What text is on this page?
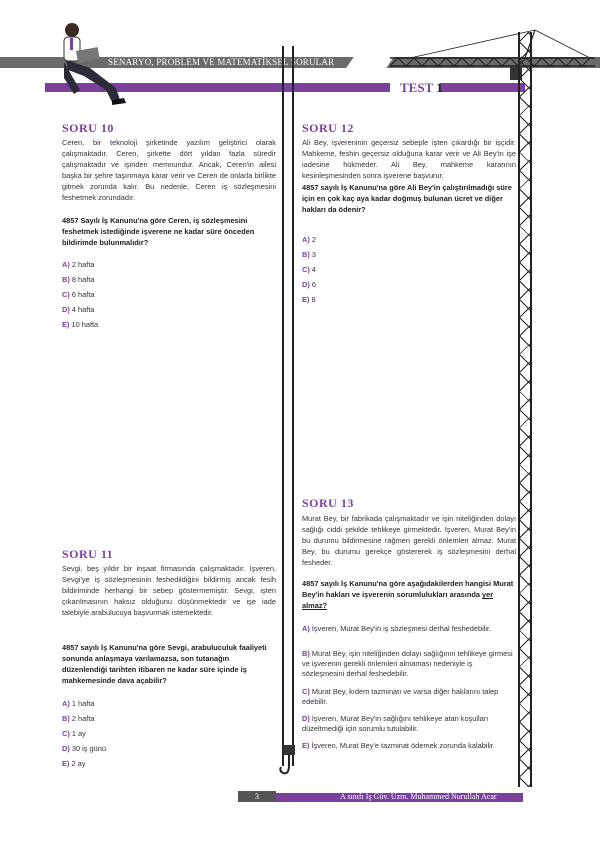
SENARYO, PROBLEM VE MATEMATİKSEL SORULAR
TEST 1
SORU 10
Ceren, bir teknoloji şirketinde yazılım geliştirici olarak çalışmaktadır. Ceren, şirkette dört yıldan fazla süredir çalışmaktadır ve işinden memnundur. Ancak, Ceren'in ailesi başka bir şehre taşınmaya karar verir ve Ceren de onlarla birlikte gitmek zorunda kalır. Bu nedenle, Ceren iş sözleşmesini feshetmek zorundadır.
4857 Sayılı İş Kanunu'na göre Ceren, iş sözleşmesini feshetmek istediğinde işverene ne kadar süre önceden bildirimde bulunmalıdır?
A) 2 hafta
B) 8 hafta
C) 6 hafta
D) 4 hafta
E) 10 hafta
SORU 11
Sevgi, beş yıldır bir inşaat firmasında çalışmaktadır. İşveren, Sevgi'ye iş sözleşmesinin feshedildiğini bildirmiş ancak fesih bildiriminde herhangi bir sebep göstermemiştir. Sevgi, işten çıkarılmasının haksız olduğunu düşünmektedir ve işe iade talebiyle arabulucuya başvurmak istemektedir.
4857 sayılı İş Kanunu'na göre Sevgi, arabuluculuk faaliyeti sonunda anlaşmaya varılamazsa, son tutanağın düzenlendiği tarihten itibaren ne kadar süre içinde iş mahkemesinde dava açabilir?
A) 1 hafta
B) 2 hafta
C) 1 ay
D) 30 iş günü
E) 2 ay
SORU 12
Ali Bey, işvereninin geçersiz sebeple işten çıkardığı bir işçidir. Mahkeme, feshin geçersiz olduğuna karar verir ve Ali Bey'in işe iadesine hükmeder. Ali Bey, mahkeme kararının kesinleşmesinden sonra işverene başvurur.
4857 sayılı İş Kanunu'na göre Ali Bey'in çalıştırılmadığı süre için en çok kaç aya kadar doğmuş bulunan ücret ve diğer hakları da ödenir?
A) 2
B) 3
C) 4
D) 6
E) 8
SORU 13
Murat Bey, bir fabrikada çalışmaktadır ve işin niteliğinden dolayı sağlığı ciddi şekilde tehlikeye girmektedir. İşveren, Murat Bey'in bu durumu bildirmesine rağmen gerekli önlemleri almaz. Murat Bey, bu durumu gerekçe göstererek iş sözleşmesini derhal fesheder.
4857 sayılı İş Kanunu'na göre aşağıdakilerden hangisi Murat Bey'in hakları ve işverenin sorumlulukları arasında yer almaz?
A) İşveren, Murat Bey'in iş sözleşmesi derhal feshedebilir.
B) Murat Bey, işin niteliğinden dolayı sağlığının tehlikeye girmesi ve işverenin gerekli önlemleri almaması nedeniyle iş sözleşmesini derhal feshedebilir.
C) Murat Bey, kıdem tazminatı ve varsa diğer haklarını talep edebilir.
D) İşveren, Murat Bey'in sağlığını tehlikeye atan koşulları düzeltmediği için sorumlu tutulabilir.
E) İşveren, Murat Bey'e tazminat ödemek zorunda kalabilir.
3	A sınıfı İş Güv. Uzm. Muhammed Nurullah Acar
